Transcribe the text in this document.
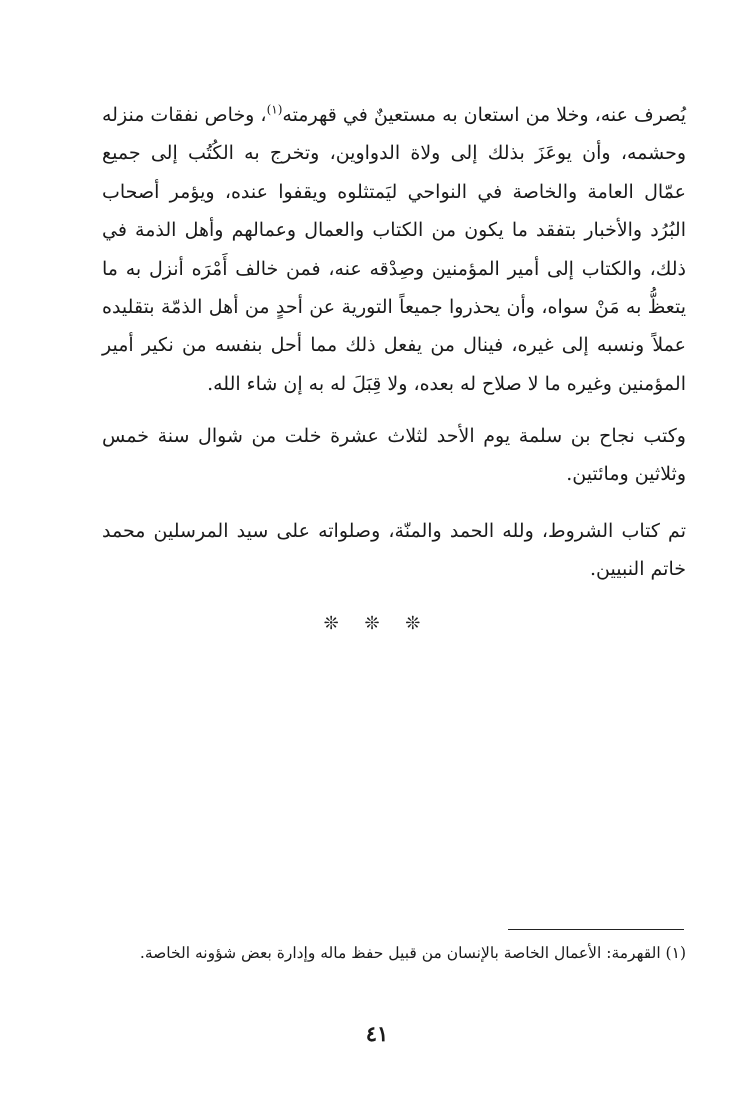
يُصرف عنه، وخلا من استعان به مستعينٌ في قهرمته$^{(١)}$، وخاص نفقات منزله وحشمه، وأن يوعَزَ بذلك إلى ولاة الدواوين، وتخرج به الكُتُب إلى جميع عمّال العامة والخاصة في النواحي ليَمتثلوه ويقفوا عنده، ويؤمر أصحاب البُرُد والأخبار بتفقد ما يكون من الكتاب والعمال وعمالهم وأهل الذمة في ذلك، والكتاب إلى أمير المؤمنين وصِدْقه عنه، فمن خالف أَمْرَه أنزل به ما يتعظُّ به مَنْ سواه، وأن يحذروا جميعاً التورية عن أحدٍ من أهل الذمّة بتقليده عملاً ونسبه إلى غيره، فينال من يفعل ذلك مما أحل بنفسه من نكير أمير المؤمنين وغيره ما لا صلاح له بعده، ولا قِبَلَ له به إن شاء الله.

وكتب نجاح بن سلمة يوم الأحد لثلاث عشرة خلت من شوال سنة خمس وثلاثين ومائتين.

تم كتاب الشروط، ولله الحمد والمنّة، وصلواته على سيد المرسلين محمد خاتم النبيين.

❊ ❊ ❊

(١) القهرمة: الأعمال الخاصة بالإنسان من قبيل حفظ ماله وإدارة بعض شؤونه الخاصة.

٤١
